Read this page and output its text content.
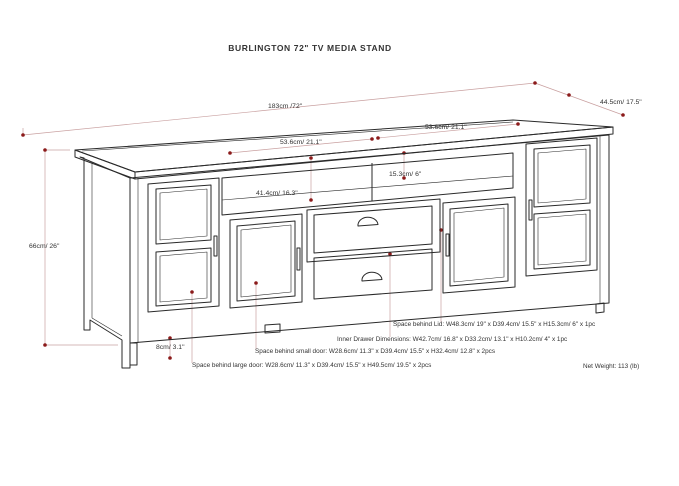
BURLINGTON 72" TV MEDIA STAND
183cm /72"
44.5cm/ 17.5"
66cm/ 26"
53.6cm/ 21.1"
53.6cm/ 21.1"
41.4cm/ 16.3"
15.3cm/ 6"
8cm/ 3.1"
Space behind Lid: W48.3cm/ 19" x D39.4cm/ 15.5" x H15.3cm/ 6" x 1pc
Inner Drawer Dimensions: W42.7cm/ 16.8" x D33.2cm/ 13.1" x H10.2cm/ 4" x 1pc
Space behind small door: W28.6cm/ 11.3" x D39.4cm/ 15.5" x H32.4cm/ 12.8" x 2pcs
Space behind large door: W28.6cm/ 11.3" x D39.4cm/ 15.5" x H49.5cm/ 19.5" x 2pcs	Net Weight: 113 (lb)
